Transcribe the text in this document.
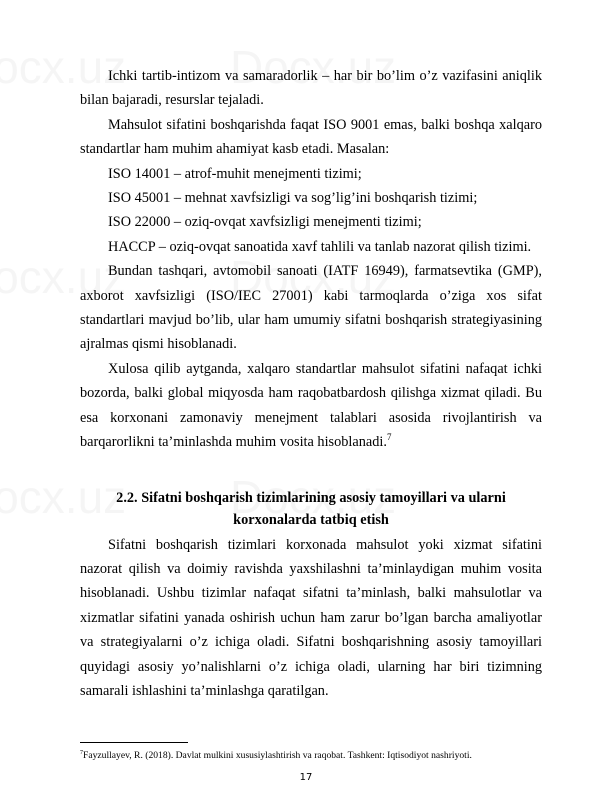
Ichki tartib-intizom va samaradorlik – har bir bo’lim o’z vazifasini aniqlik bilan bajaradi, resurslar tejaladi.

Mahsulot sifatini boshqarishda faqat ISO 9001 emas, balki boshqa xalqaro standartlar ham muhim ahamiyat kasb etadi. Masalan:

ISO 14001 – atrof-muhit menejmenti tizimi;

ISO 45001 – mehnat xavfsizligi va sog’lig’ini boshqarish tizimi;

ISO 22000 – oziq-ovqat xavfsizligi menejmenti tizimi;

HACCP – oziq-ovqat sanoatida xavf tahlili va tanlab nazorat qilish tizimi.

Bundan tashqari, avtomobil sanoati (IATF 16949), farmatsevtika (GMP), axborot xavfsizligi (ISO/IEC 27001) kabi tarmoqlarda o’ziga xos sifat standartlari mavjud bo’lib, ular ham umumiy sifatni boshqarish strategiyasining ajralmas qismi hisoblanadi.

Xulosa qilib aytganda, xalqaro standartlar mahsulot sifatini nafaqat ichki bozorda, balki global miqyosda ham raqobatbardosh qilishga xizmat qiladi. Bu esa korxonani zamonaviy menejment talablari asosida rivojlantirish va barqarorlikni ta’minlashda muhim vosita hisoblanadi.$^7$

2.2. Sifatni boshqarish tizimlarining asosiy tamoyillari va ularni korxonalarda tatbiq etish

Sifatni boshqarish tizimlari korxonada mahsulot yoki xizmat sifatini nazorat qilish va doimiy ravishda yaxshilashni ta’minlaydigan muhim vosita hisoblanadi. Ushbu tizimlar nafaqat sifatni ta’minlash, balki mahsulotlar va xizmatlar sifatini yanada oshirish uchun ham zarur bo’lgan barcha amaliyotlar va strategiyalarni o’z ichiga oladi. Sifatni boshqarishning asosiy tamoyillari quyidagi asosiy yo’nalishlarni o’z ichiga oladi, ularning har biri tizimning samarali ishlashini ta’minlashga qaratilgan.

$^7$Fayzullayev, R. (2018). Davlat mulkini xususiylashtirish va raqobat. Tashkent: Iqtisodiyot nashriyoti.
17
